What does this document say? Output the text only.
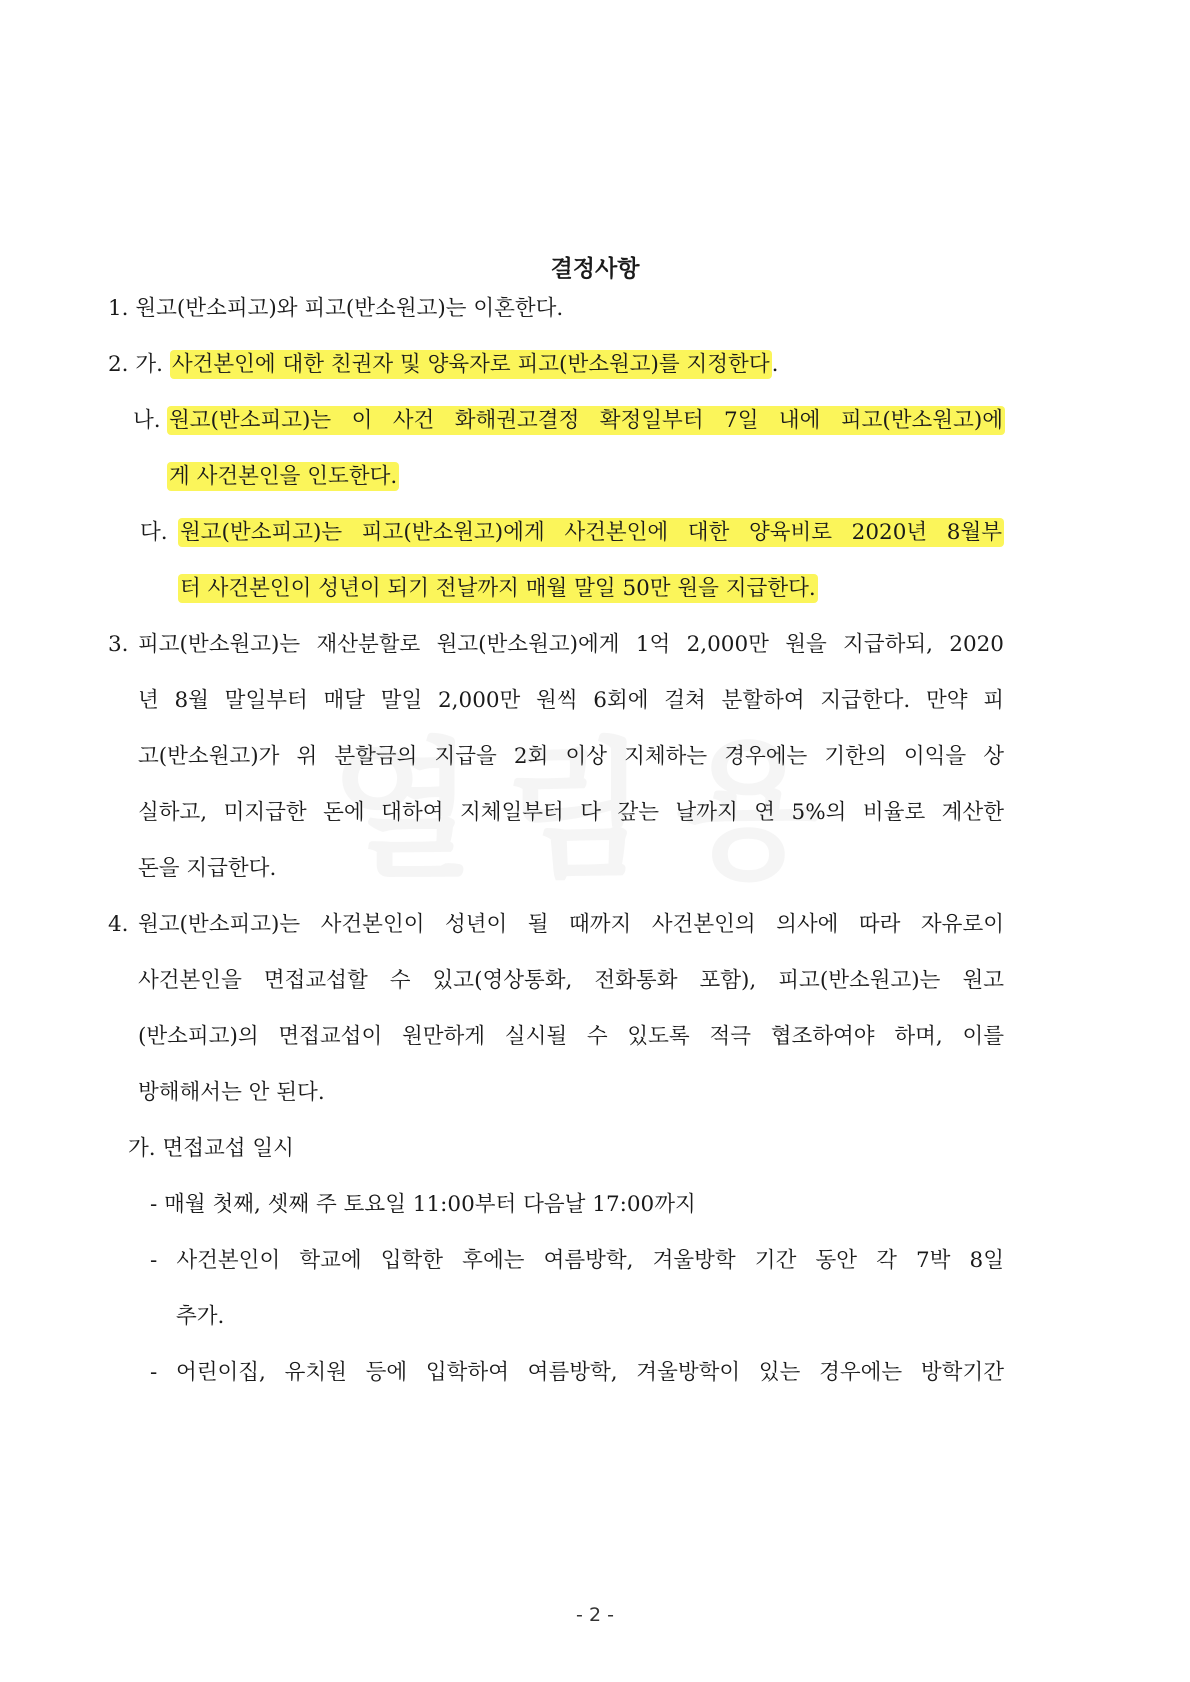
결정사항
1. 원고(반소피고)와 피고(반소원고)는 이혼한다.
2. 가. 사건본인에 대한 친권자 및 양육자로 피고(반소원고)를 지정한다.
나. 원고(반소피고)는 이 사건 화해권고결정 확정일부터 7일 내에 피고(반소원고)에
게 사건본인을 인도한다.
다. 원고(반소피고)는 피고(반소원고)에게 사건본인에 대한 양육비로 2020년 8월부
터 사건본인이 성년이 되기 전날까지 매월 말일 50만 원을 지급한다.
3. 피고(반소원고)는 재산분할로 원고(반소원고)에게 1억 2,000만 원을 지급하되, 2020
년 8월 말일부터 매달 말일 2,000만 원씩 6회에 걸쳐 분할하여 지급한다. 만약 피
고(반소원고)가 위 분할금의 지급을 2회 이상 지체하는 경우에는 기한의 이익을 상
실하고, 미지급한 돈에 대하여 지체일부터 다 갚는 날까지 연 5%의 비율로 계산한
돈을 지급한다.
4. 원고(반소피고)는 사건본인이 성년이 될 때까지 사건본인의 의사에 따라 자유로이
사건본인을 면접교섭할 수 있고(영상통화, 전화통화 포함), 피고(반소원고)는 원고
(반소피고)의 면접교섭이 원만하게 실시될 수 있도록 적극 협조하여야 하며, 이를
방해해서는 안 된다.
가. 면접교섭 일시
- 매월 첫째, 셋째 주 토요일 11:00부터 다음날 17:00까지
- 사건본인이 학교에 입학한 후에는 여름방학, 겨울방학 기간 동안 각 7박 8일
추가.
- 어린이집, 유치원 등에 입학하여 여름방학, 겨울방학이 있는 경우에는 방학기간
- 2 -
